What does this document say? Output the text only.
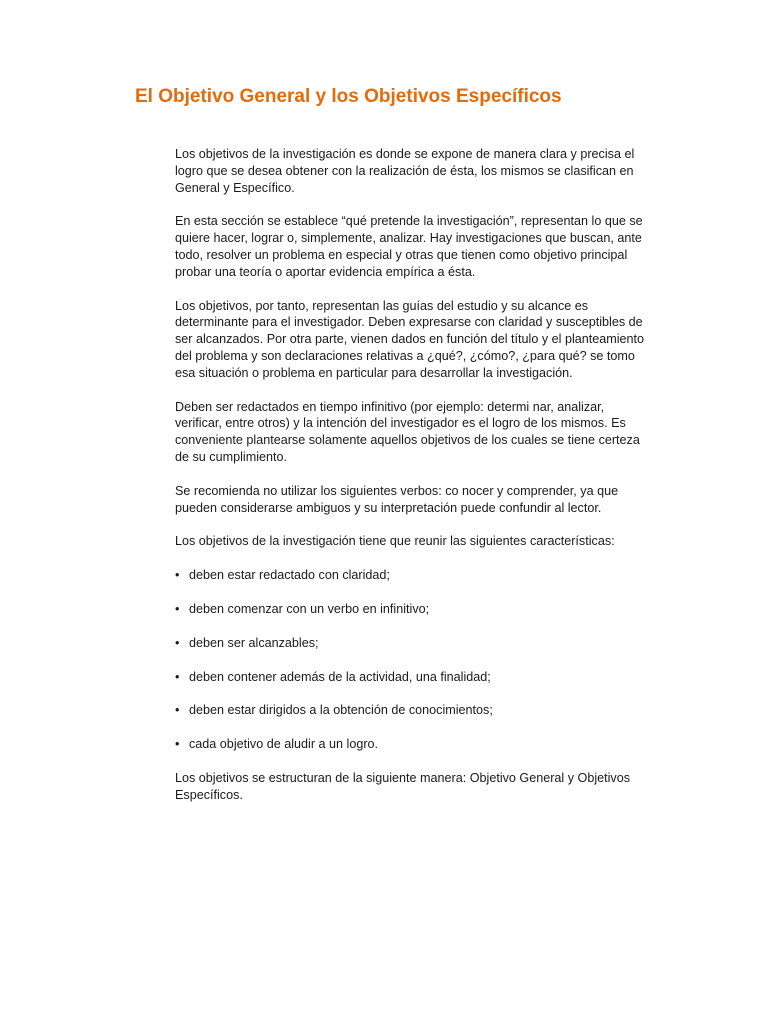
El Objetivo General y los Objetivos Específicos

Los objetivos de la investigación es donde se expone de manera clara y precisa el logro que se desea obtener con la realización de ésta, los mismos se clasifican en General y Específico.

En esta sección se establece “qué pretende la investigación”, representan lo que se quiere hacer, lograr o, simplemente, analizar. Hay investigaciones que buscan, ante todo, resolver un problema en especial y otras que tienen como objetivo principal probar una teoría o aportar evidencia empírica a ésta.

Los objetivos, por tanto, representan las guías del estudio y su alcance es determinante para el investigador. Deben expresarse con claridad y susceptibles de ser alcanzados. Por otra parte, vienen dados en función del título y el planteamiento del problema y son declaraciones relativas a ¿qué?, ¿cómo?, ¿para qué? se tomo esa situación o problema en particular para desarrollar la investigación.

Deben ser redactados en tiempo infinitivo (por ejemplo: determi nar, analizar, verificar, entre otros) y la intención del investigador es el logro de los mismos. Es conveniente plantearse solamente aquellos objetivos de los cuales se tiene certeza de su cumplimiento.

Se recomienda no utilizar los siguientes verbos: co nocer y comprender, ya que pueden considerarse ambiguos y su interpretación puede confundir al lector.

Los objetivos de la investigación tiene que reunir las siguientes características:

• deben estar redactado con claridad;
• deben comenzar con un verbo en infinitivo;
• deben ser alcanzables;
• deben contener además de la actividad, una finalidad;
• deben estar dirigidos a la obtención de conocimientos;
• cada objetivo de aludir a un logro.

Los objetivos se estructuran de la siguiente manera: Objetivo General y Objetivos Específicos.
